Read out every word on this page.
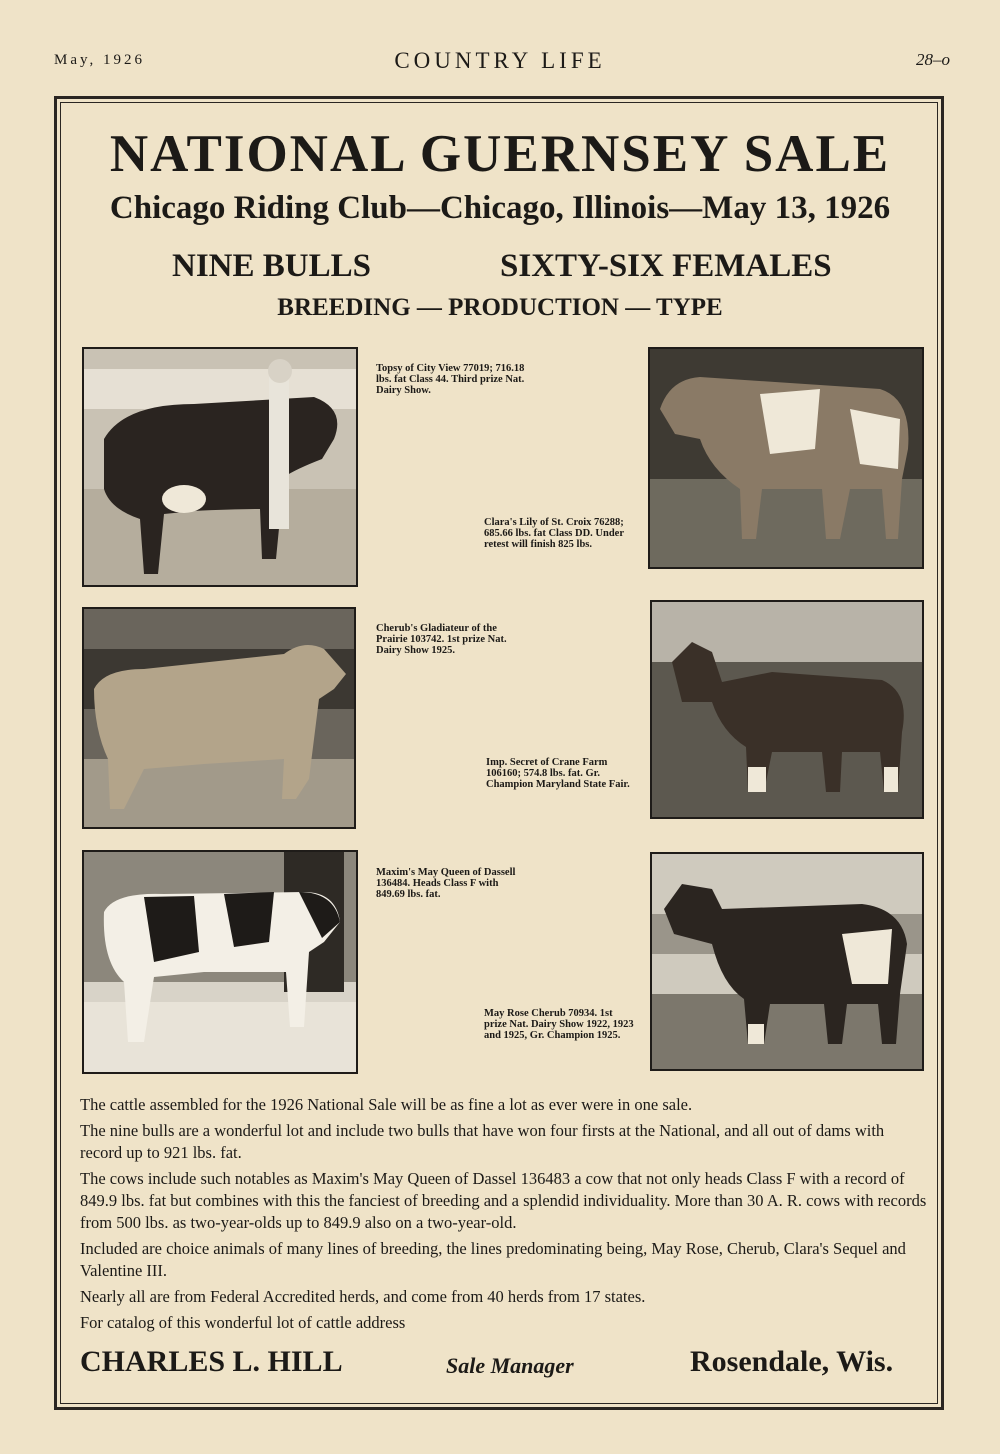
May, 1926	COUNTRY LIFE	28–o
NATIONAL GUERNSEY SALE
Chicago Riding Club—Chicago, Illinois—May 13, 1926
NINE BULLS	SIXTY-SIX FEMALES
BREEDING — PRODUCTION — TYPE
Topsy of City View 77019; 716.18 lbs. fat Class 44. Third prize Nat. Dairy Show.
Clara's Lily of St. Croix 76288; 685.66 lbs. fat Class DD. Under retest will finish 825 lbs.
Cherub's Gladiateur of the Prairie 103742. 1st prize Nat. Dairy Show 1925.
Imp. Secret of Crane Farm 106160; 574.8 lbs. fat. Gr. Champion Maryland State Fair.
Maxim's May Queen of Dassell 136484. Heads Class F with 849.69 lbs. fat.
May Rose Cherub 70934. 1st prize Nat. Dairy Show 1922, 1923 and 1925, Gr. Champion 1925.
The cattle assembled for the 1926 National Sale will be as fine a lot as ever were in one sale.
The nine bulls are a wonderful lot and include two bulls that have won four firsts at the National, and all out of dams with record up to 921 lbs. fat.
The cows include such notables as Maxim's May Queen of Dassel 136483 a cow that not only heads Class F with a record of 849.9 lbs. fat but combines with this the fanciest of breeding and a splendid individuality. More than 30 A. R. cows with records from 500 lbs. as two-year-olds up to 849.9 also on a two-year-old.
Included are choice animals of many lines of breeding, the lines predominating being, May Rose, Cherub, Clara's Sequel and Valentine III.
Nearly all are from Federal Accredited herds, and come from 40 herds from 17 states.
For catalog of this wonderful lot of cattle address
CHARLES L. HILL	Sale Manager	Rosendale, Wis.
